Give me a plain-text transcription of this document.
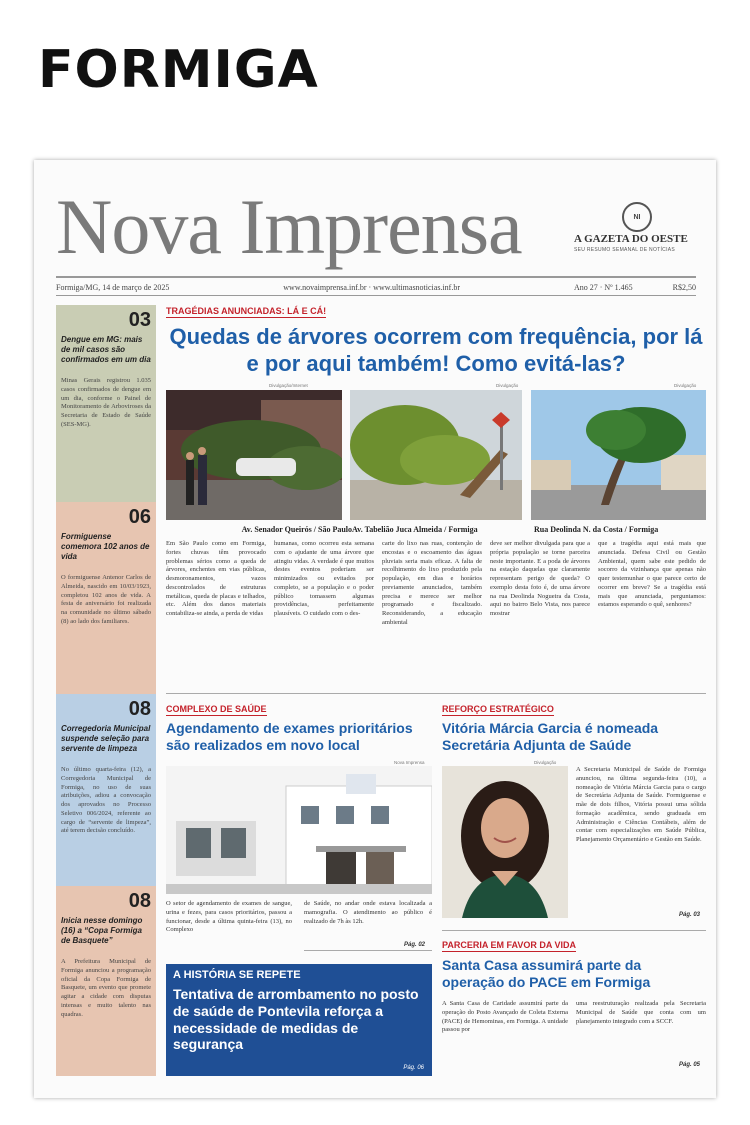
FORMIGA
Nova Imprensa	NI
A GAZETA DO OESTE
SEU RESUMO SEMANAL DE NOTÍCIAS
Formiga/MG, 14 de março de 2025	www.novaimprensa.inf.br · www.ultimasnoticias.inf.br	Ano 27 · Nº 1.465	R$2,50
03
Dengue em MG: mais de mil casos são confirmados em um dia
Minas Gerais registrou 1.035 casos confirmados de dengue em um dia, conforme o Painel de Monitoramento de Arboviroses da Secretaria de Estado de Saúde (SES-MG).
06
Formiguense comemora 102 anos de vida
O formiguense Antenor Carlos de Almeida, nascido em 10/03/1923, completou 102 anos de vida. A festa de aniversário foi realizada na comunidade no último sábado (8) ao lado dos familiares.
08
Corregedoria Municipal suspende seleção para servente de limpeza
No último quarta-feira (12), a Corregedoria Municipal de Formiga, no uso de suas atribuições, adiou a convocação dos aprovados no Processo Seletivo 006/2024, referente ao cargo de “servente de limpeza”, até terem decisão concluído.
08
Inicia nesse domingo (16) a “Copa Formiga de Basquete”
A Prefeitura Municipal de Formiga anunciou a programação oficial da Copa Formiga de Basquete, um evento que promete agitar a cidade com disputas intensas e muito talento nas quadras.
TRAGÉDIAS ANUNCIADAS: LÁ E CÁ!
Quedas de árvores ocorrem com frequência, por lá e por aqui também! Como evitá-las?
Divulgação/Internet	Divulgação	Divulgação
Av. Senador Queirós / São Paulo Av. Tabelião Juca Almeida / Formiga	Rua Deolinda N. da Costa / Formiga
Em São Paulo como em Formiga, fortes chuvas têm provocado problemas sérios como a queda de árvores, enchentes em vias públicas, desmoronamentos, vazos descontrolados de estruturas metálicas, queda de placas e telhados, etc. Além dos danos materiais contabiliza-se ainda, a perda de vidas
humanas, como ocorreu esta semana com o ajudante de uma árvore que atingiu vidas. A verdade é que muitos destes eventos poderiam ser minimizados ou evitados por completo, se a população e o poder público tomassem algumas providências, perfeitamente plausíveis. O cuidado com o des-
carte do lixo nas ruas, contenção de encostas e o escoamento das águas pluviais seria mais eficaz. A falta de recolhimento do lixo produzido pela população, em dias e horários previamente anunciados, também precisa e merece ser melhor programado e fiscalizado. Reconsiderando, a educação ambiental
deve ser melhor divulgada para que a própria população se torne parceira neste importante. E a poda de árvores na estação daquelas que claramente representam perigo de queda? O exemplo desta foto é, de uma árvore na rua Deolinda Nogueira da Costa, aqui no bairro Belo Vista, nos parece mostrar
que a tragédia aqui está mais que anunciada. Defesa Civil ou Gestão Ambiental, quem sabe este pedido de socorro da vizinhança que apenas não quer testemunhar o que parece certo de ocorrer em breve? Se a tragédia está mais que anunciada, perguntamos: estamos esperando o quê, senhores?
COMPLEXO DE SAÚDE
Agendamento de exames prioritários são realizados em novo local
Nova Imprensa
O setor de agendamento de exames de sangue, urina e fezes, para casos prioritários, passou a funcionar, desde a última quinta-feira (13), no Complexo
de Saúde, no andar onde estava localizada a mamografia. O atendimento ao público é realizado de 7h às 12h.
Pág. 02
A HISTÓRIA SE REPETE
Tentativa de arrombamento no posto de saúde de Pontevila reforça a necessidade de medidas de segurança
Pág. 06
REFORÇO ESTRATÉGICO
Vitória Márcia Garcia é nomeada Secretária Adjunta de Saúde
Divulgação
A Secretaria Municipal de Saúde de Formiga anunciou, na última segunda-feira (10), a nomeação de Vitória Márcia Garcia para o cargo de Secretária Adjunta de Saúde. Formiguense e mãe de dois filhos, Vitória possui uma sólida formação acadêmica, sendo graduada em Administração e Ciências Contábeis, além de contar com especializações em Saúde Pública, Planejamento Orçamentário e Gestão em Saúde.
Pág. 03
PARCERIA EM FAVOR DA VIDA
Santa Casa assumirá parte da operação do PACE em Formiga
A Santa Casa de Caridade assumirá parte da operação do Posto Avançado de Coleta Externa (PACE) de Hemominas, em Formiga. A unidade passou por
uma reestruturação realizada pela Secretaria Municipal de Saúde que conta com um planejamento integrado com a SCCF.
Pág. 05
